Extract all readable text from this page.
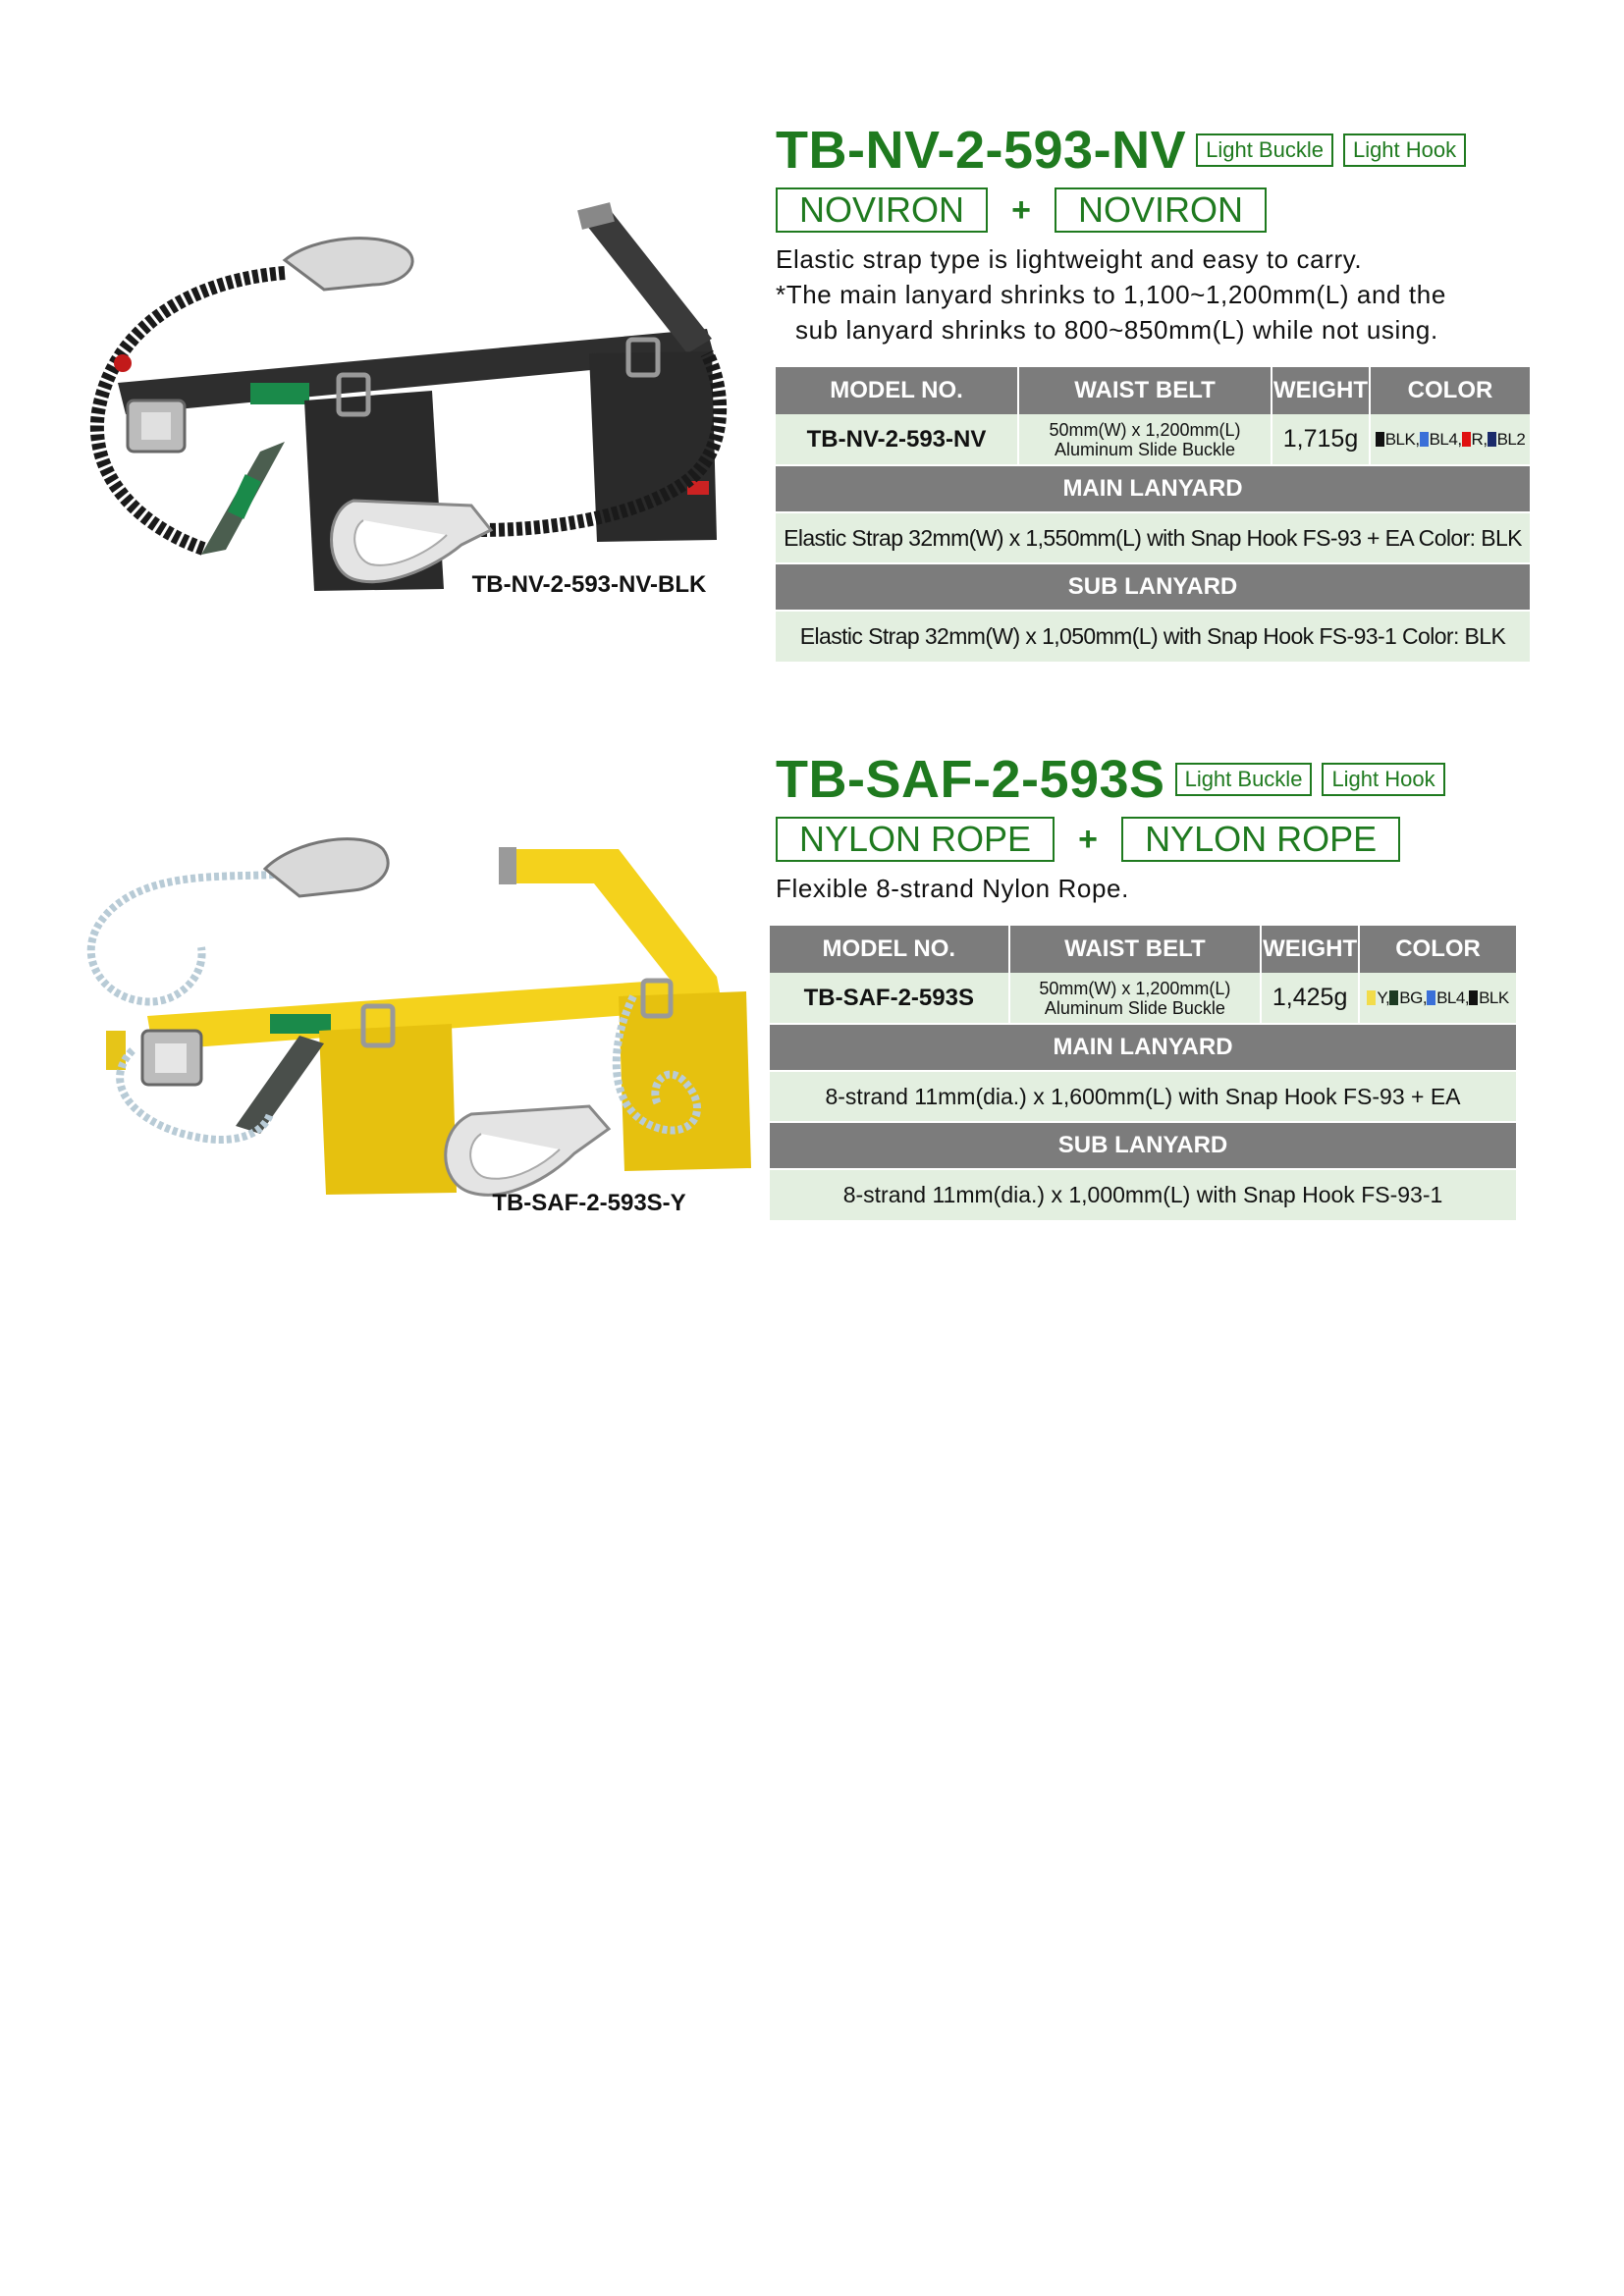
TB-NV-2-593-NV-BLK
TB-NV-2-593-NV Light Buckle	Light Hook
NOVIRON	+	NOVIRON
Elastic strap type is lightweight and easy to carry.
*The main lanyard shrinks to 1,100~1,200mm(L) and the
sub lanyard shrinks to 800~850mm(L) while not using.
MODEL NO.	WAIST BELT	WEIGHT	COLOR
TB-NV-2-593-NV	50mm(W) x 1,200mm(L)
Aluminum Slide Buckle	1,715g	BLK, BL4, R, BL2
MAIN LANYARD			
Elastic Strap 32mm(W) x 1,550mm(L) with Snap Hook FS-93 + EA Color: BLK			
SUB LANYARD			
Elastic Strap 32mm(W) x 1,050mm(L) with Snap Hook FS-93-1 Color: BLK			
TB-SAF-2-593S-Y
TB-SAF-2-593S Light Buckle	Light Hook
NYLON ROPE	+	NYLON ROPE
Flexible 8-strand Nylon Rope.
MODEL NO.	WAIST BELT	WEIGHT	COLOR
TB-SAF-2-593S	50mm(W) x 1,200mm(L)
Aluminum Slide Buckle	1,425g	Y, BG, BL4, BLK
MAIN LANYARD			
8-strand 11mm(dia.) x 1,600mm(L) with Snap Hook FS-93 + EA			
SUB LANYARD			
8-strand 11mm(dia.) x 1,000mm(L) with Snap Hook FS-93-1			
